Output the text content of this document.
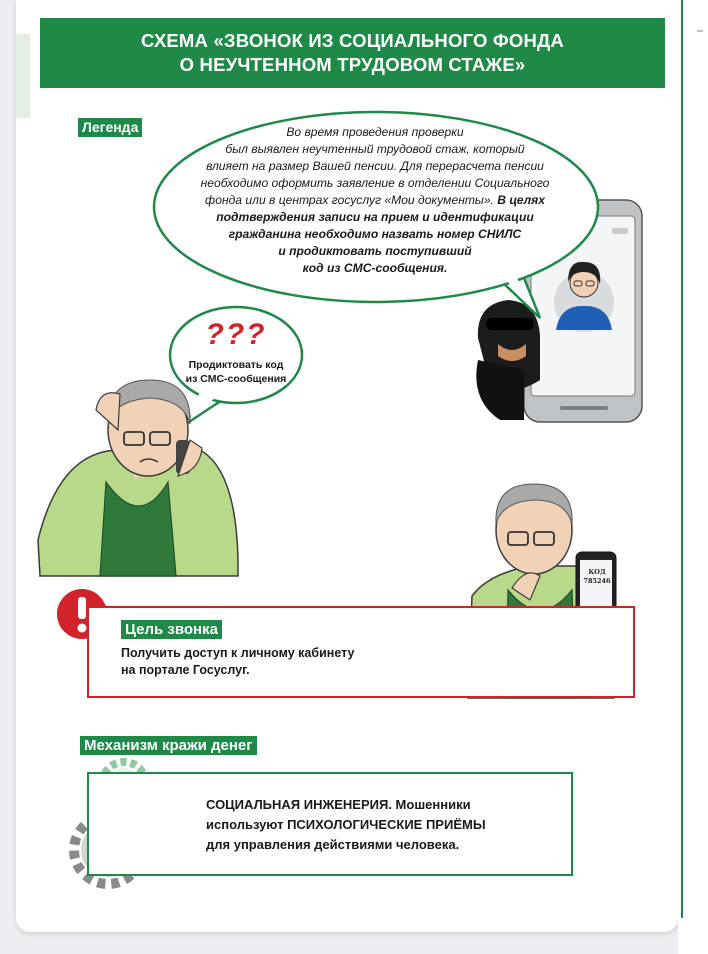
СХЕМА «ЗВОНОК ИЗ СОЦИАЛЬНОГО ФОНДА
О НЕУЧТЕННОМ ТРУДОВОМ СТАЖЕ»
Легенда	Во время проведения проверки
был выявлен неучтенный трудовой стаж, который
влияет на размер Вашей пенсии. Для перерасчета пенсии
необходимо оформить заявление в отделении Социального
фонда или в центрах госуслуг «Мои документы». В целях
подтверждения записи на прием и идентификации
гражданина необходимо назвать номер СНИЛС
и продиктовать поступивший
код из СМС-сообщения.
???
Продиктовать код
из СМС-сообщения
КОД
785246
Цель звонка
Получить доступ к личному кабинету
на портале Госуслуг.
Механизм кражи денег
СОЦИАЛЬНАЯ ИНЖЕНЕРИЯ. Мошенники
используют ПСИХОЛОГИЧЕСКИЕ ПРИЁМЫ
для управления действиями человека.
